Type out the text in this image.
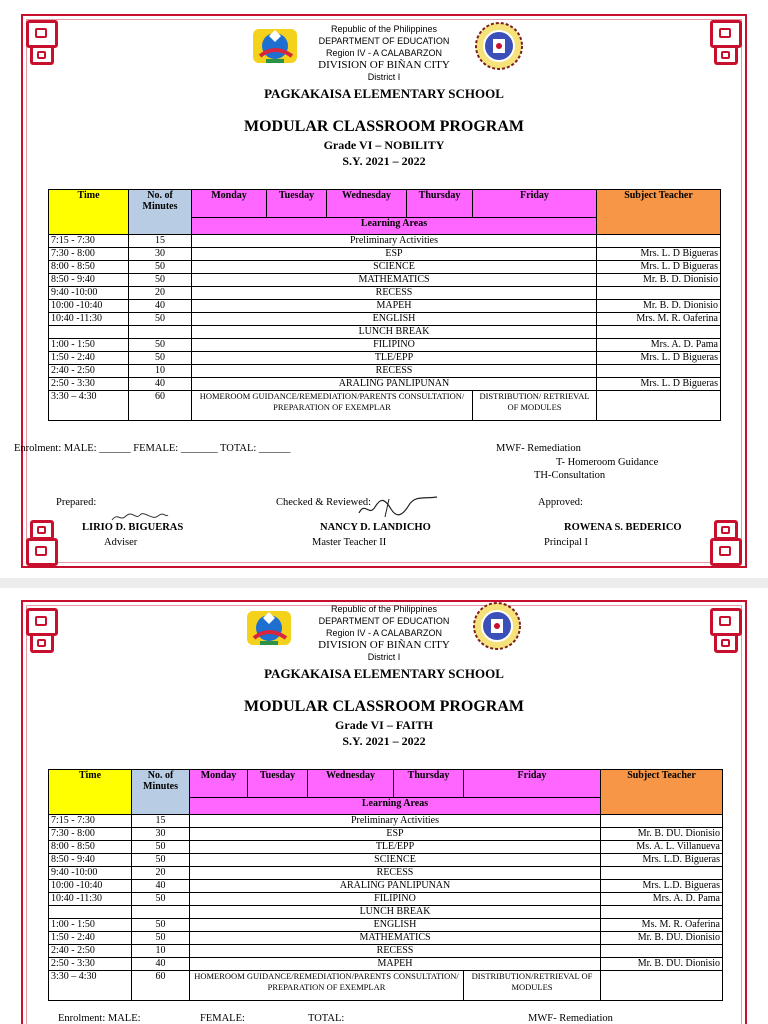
Republic of the Philippines
DEPARTMENT OF EDUCATION
Region IV - A CALABARZON
DIVISION OF BIÑAN CITY
District I
PAGKAKAISA ELEMENTARY SCHOOL
MODULAR CLASSROOM PROGRAM
Grade VI – NOBILITY
S.Y. 2021 – 2022
Time	No. of Minutes	Monday	Tuesday	Wednesday	Thursday	Friday	Subject Teacher
		Learning Areas					
7:15 - 7:30	15	Preliminary Activities					
7:30 - 8:00	30	ESP					Mrs. L. D Bigueras
8:00 - 8:50	50	SCIENCE					Mrs. L. D Bigueras
8:50 - 9:40	50	MATHEMATICS					Mr. B. D. Dionisio
9:40 -10:00	20	RECESS					
10:00 -10:40	40	MAPEH					Mr. B. D. Dionisio
10:40 -11:30	50	ENGLISH					Mrs. M. R. Oaferina
		LUNCH BREAK					
1:00 - 1:50	50	FILIPINO					Mrs. A. D. Pama
1:50 - 2:40	50	TLE/EPP					Mrs. L. D Bigueras
2:40 - 2:50	10	RECESS					
2:50 - 3:30	40	ARALING PANLIPUNAN					Mrs. L. D Bigueras
3:30 – 4:30	60	HOMEROOM GUIDANCE/REMEDIATION/PARENTS CONSULTATION/ PREPARATION OF EXEMPLAR				DISTRIBUTION/ RETRIEVAL OF MODULES	
Enrolment: MALE: ______ FEMALE: _______ TOTAL: ______	MWF- Remediation
T- Homeroom Guidance
TH-Consultation
Prepared:	Checked & Reviewed:	Approved:
LIRIO D. BIGUERAS
Adviser
NANCY D. LANDICHO
Master Teacher II
ROWENA S. BEDERICO
Principal I
Republic of the Philippines
DEPARTMENT OF EDUCATION
Region IV - A CALABARZON
DIVISION OF BIÑAN CITY
District I
PAGKAKAISA ELEMENTARY SCHOOL
MODULAR CLASSROOM PROGRAM
Grade VI – FAITH
S.Y. 2021 – 2022
Time	No. of Minutes	Monday	Tuesday	Wednesday	Thursday	Friday	Subject Teacher
		Learning Areas					
7:15 - 7:30	15	Preliminary Activities					
7:30 - 8:00	30	ESP					Mr. B. DU. Dionisio
8:00 - 8:50	50	TLE/EPP					Ms. A. L. Villanueva
8:50 - 9:40	50	SCIENCE					Mrs. L.D. Bigueras
9:40 -10:00	20	RECESS					
10:00 -10:40	40	ARALING PANLIPUNAN					Mrs. L.D. Bigueras
10:40 -11:30	50	FILIPINO					Mrs. A. D. Pama
		LUNCH BREAK					
1:00 - 1:50	50	ENGLISH					Ms. M. R. Oaferina
1:50 - 2:40	50	MATHEMATICS					Mr. B. DU. Dionisio
2:40 - 2:50	10	RECESS					
2:50 - 3:30	40	MAPEH					Mr. B. DU. Dionisio
3:30 – 4:30	60	HOMEROOM GUIDANCE/REMEDIATION/PARENTS CONSULTATION/ PREPARATION OF EXEMPLAR				DISTRIBUTION/RETRIEVAL OF MODULES	
Enrolment: MALE:	FEMALE:	TOTAL:	MWF- Remediation
